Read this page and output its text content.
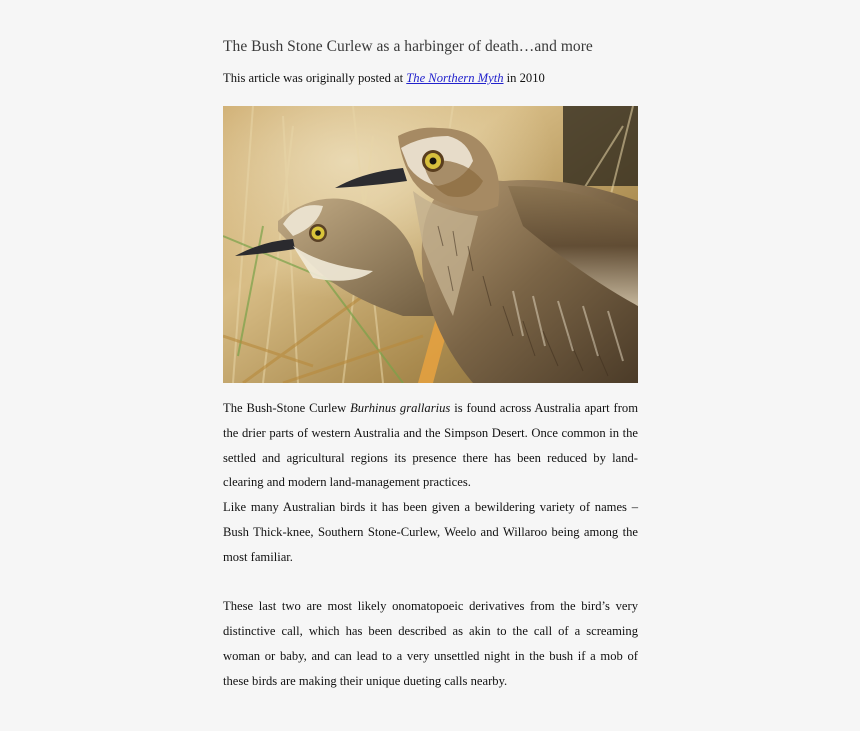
The Bush Stone Curlew as a harbinger of death…and more

This article was originally posted at The Northern Myth in 2010

The Bush-Stone Curlew Burhinus grallarius is found across Australia apart from the drier parts of western Australia and the Simpson Desert. Once common in the settled and agricultural regions its presence there has been reduced by land-clearing and modern land-management practices.

Like many Australian birds it has been given a bewildering variety of names – Bush Thick-knee, Southern Stone-Curlew, Weelo and Willaroo being among the most familiar.

These last two are most likely onomatopoeic derivatives from the bird’s very distinctive call, which has been described as akin to the call of a screaming woman or baby, and can lead to a very unsettled night in the bush if a mob of these birds are making their unique dueting calls nearby.
